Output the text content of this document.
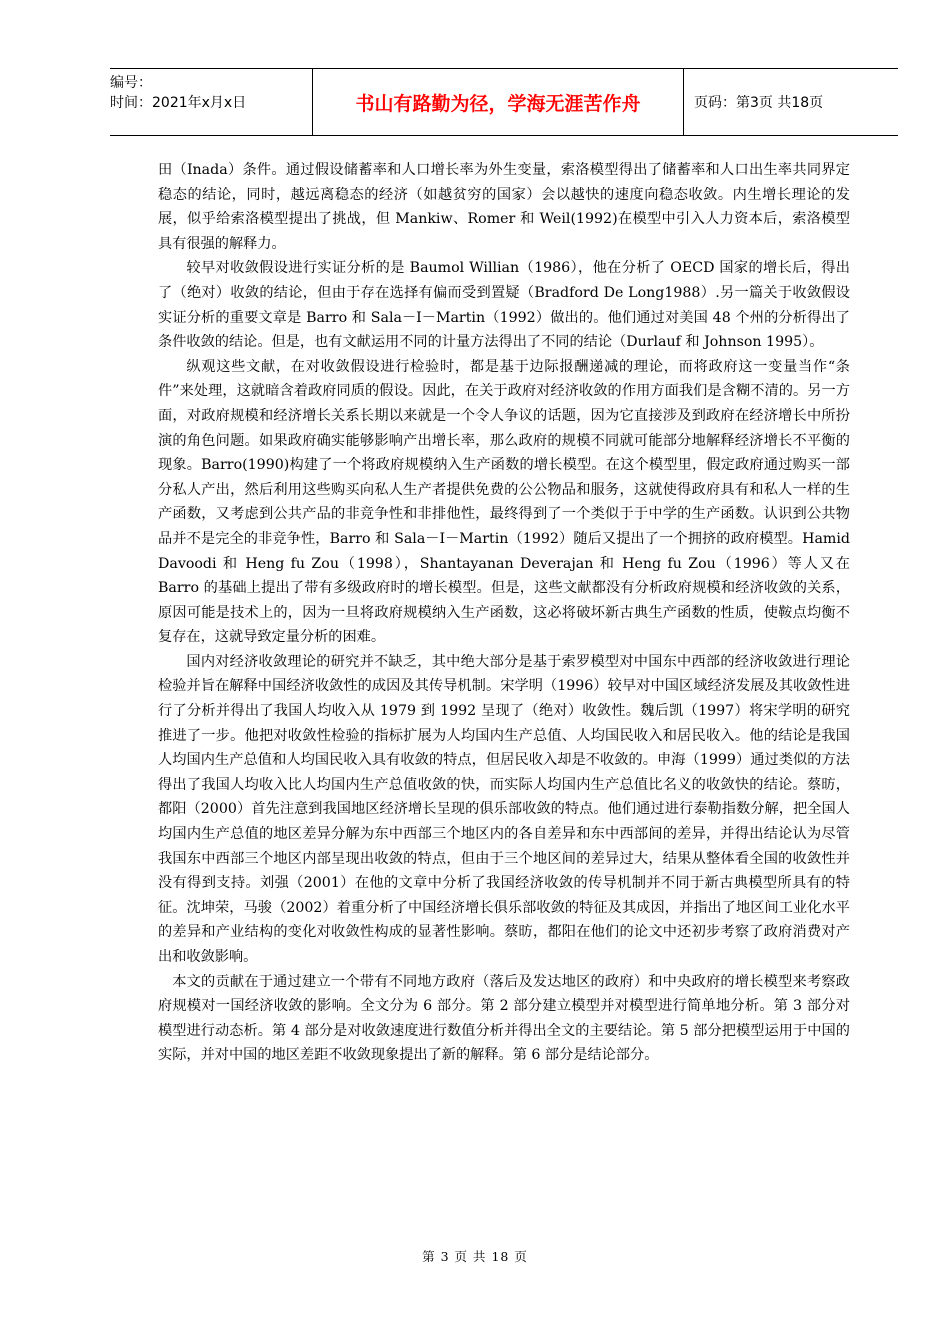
编号：
时间：2021年x月x日	书山有路勤为径，学海无涯苦作舟	页码：第3页 共18页

田（Inada）条件。通过假设储蓄率和人口增长率为外生变量，索洛模型得出了储蓄率和人口出生率共同界定稳态的结论，同时，越远离稳态的经济（如越贫穷的国家）会以越快的速度向稳态收敛。内生增长理论的发展，似乎给索洛模型提出了挑战，但 Mankiw、Romer 和 Weil(1992)在模型中引入人力资本后，索洛模型具有很强的解释力。

较早对收敛假设进行实证分析的是 Baumol Willian（1986），他在分析了 OECD 国家的增长后，得出了（绝对）收敛的结论，但由于存在选择有偏而受到置疑（Bradford De Long1988）.另一篇关于收敛假设实证分析的重要文章是 Barro 和 Sala－I－Martin（1992）做出的。他们通过对美国 48 个州的分析得出了条件收敛的结论。但是，也有文献运用不同的计量方法得出了不同的结论（Durlauf 和 Johnson 1995）。

纵观这些文献，在对收敛假设进行检验时，都是基于边际报酬递减的理论，而将政府这一变量当作“条件”来处理，这就暗含着政府同质的假设。因此，在关于政府对经济收敛的作用方面我们是含糊不清的。另一方面，对政府规模和经济增长关系长期以来就是一个令人争议的话题，因为它直接涉及到政府在经济增长中所扮演的角色问题。如果政府确实能够影响产出增长率，那么政府的规模不同就可能部分地解释经济增长不平衡的现象。Barro(1990)构建了一个将政府规模纳入生产函数的增长模型。在这个模型里，假定政府通过购买一部分私人产出，然后利用这些购买向私人生产者提供免费的公公物品和服务，这就使得政府具有和私人一样的生产函数，又考虑到公共产品的非竞争性和非排他性，最终得到了一个类似于于中学的生产函数。认识到公共物品并不是完全的非竞争性，Barro 和 Sala－I－Martin（1992）随后又提出了一个拥挤的政府模型。Hamid Davoodi 和 Heng fu Zou（1998），Shantayanan Deverajan 和 Heng fu Zou（1996）等人又在 Barro 的基础上提出了带有多级政府时的增长模型。但是，这些文献都没有分析政府规模和经济收敛的关系，原因可能是技术上的，因为一旦将政府规模纳入生产函数，这必将破坏新古典生产函数的性质，使鞍点均衡不复存在，这就导致定量分析的困难。

国内对经济收敛理论的研究并不缺乏，其中绝大部分是基于索罗模型对中国东中西部的经济收敛进行理论检验并旨在解释中国经济收敛性的成因及其传导机制。宋学明（1996）较早对中国区域经济发展及其收敛性进行了分析并得出了我国人均收入从 1979 到 1992 呈现了（绝对）收敛性。魏后凯（1997）将宋学明的研究推进了一步。他把对收敛性检验的指标扩展为人均国内生产总值、人均国民收入和居民收入。他的结论是我国人均国内生产总值和人均国民收入具有收敛的特点，但居民收入却是不收敛的。申海（1999）通过类似的方法得出了我国人均收入比人均国内生产总值收敛的快，而实际人均国内生产总值比名义的收敛快的结论。蔡昉，都阳（2000）首先注意到我国地区经济增长呈现的俱乐部收敛的特点。他们通过进行泰勒指数分解，把全国人均国内生产总值的地区差异分解为东中西部三个地区内的各自差异和东中西部间的差异，并得出结论认为尽管我国东中西部三个地区内部呈现出收敛的特点，但由于三个地区间的差异过大，结果从整体看全国的收敛性并没有得到支持。刘强（2001）在他的文章中分析了我国经济收敛的传导机制并不同于新古典模型所具有的特征。沈坤荣，马骏（2002）着重分析了中国经济增长俱乐部收敛的特征及其成因，并指出了地区间工业化水平的差异和产业结构的变化对收敛性构成的显著性影响。蔡昉，都阳在他们的论文中还初步考察了政府消费对产出和收敛影响。

本文的贡献在于通过建立一个带有不同地方政府（落后及发达地区的政府）和中央政府的增长模型来考察政府规模对一国经济收敛的影响。全文分为 6 部分。第 2 部分建立模型并对模型进行简单地分析。第 3 部分对模型进行动态析。第 4 部分是对收敛速度进行数值分析并得出全文的主要结论。第 5 部分把模型运用于中国的实际，并对中国的地区差距不收敛现象提出了新的解释。第 6 部分是结论部分。

第 3 页 共 18 页
